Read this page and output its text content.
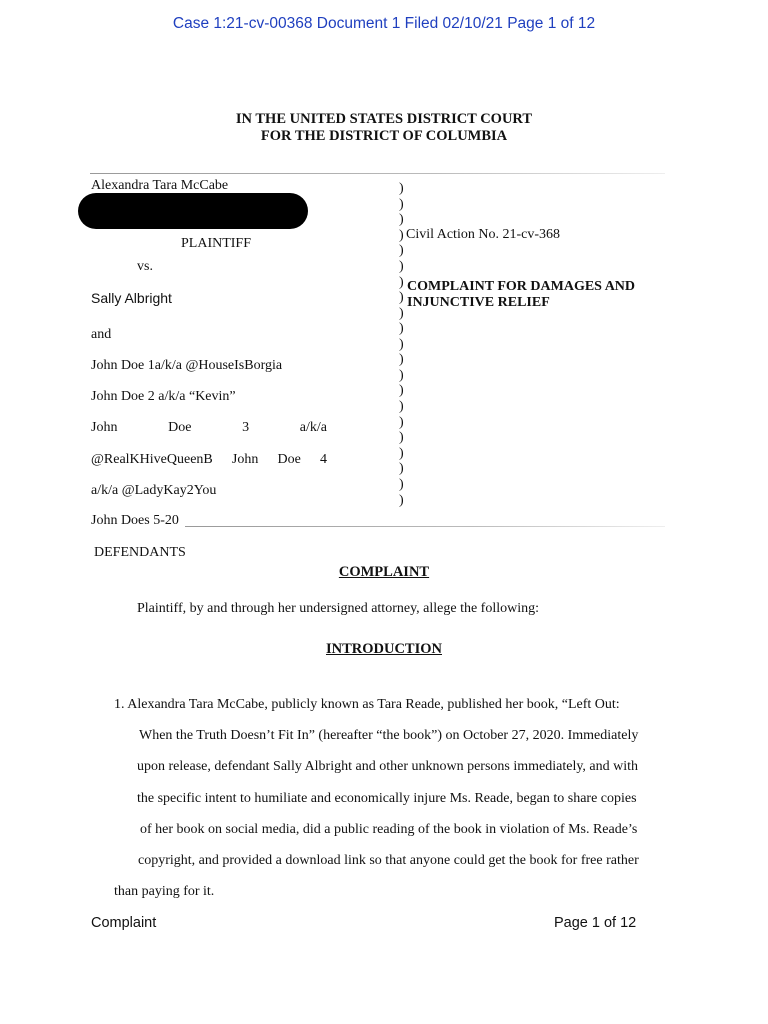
Case 1:21-cv-00368 Document 1 Filed 02/10/21 Page 1 of 12
IN THE UNITED STATES DISTRICT COURT
FOR THE DISTRICT OF COLUMBIA
Alexandra Tara McCabe
PLAINTIFF
vs.
Sally Albright
and
John Doe 1a/k/a @HouseIsBorgia
John Doe 2 a/k/a “Kevin”
John	Doe	3	a/k/a
@RealKHiveQueenB John Doe 4
a/k/a @LadyKay2You
John Does 5-20
DEFENDANTS
)
)
)
)
)
)
)
)
)
)
)
)
)
)
)
)
)
)
)
)
)
Civil Action No. 21-cv-368
COMPLAINT FOR DAMAGES AND
INJUNCTIVE RELIEF
COMPLAINT
Plaintiff, by and through her undersigned attorney, allege the following:
INTRODUCTION
1. Alexandra Tara McCabe, publicly known as Tara Reade, published her book, “Left Out:
When the Truth Doesn’t Fit In” (hereafter “the book”) on October 27, 2020. Immediately
upon release, defendant Sally Albright and other unknown persons immediately, and with
the specific intent to humiliate and economically injure Ms. Reade, began to share copies
of her book on social media, did a public reading of the book in violation of Ms. Reade’s
copyright, and provided a download link so that anyone could get the book for free rather
than paying for it.
Complaint	Page 1 of 12
